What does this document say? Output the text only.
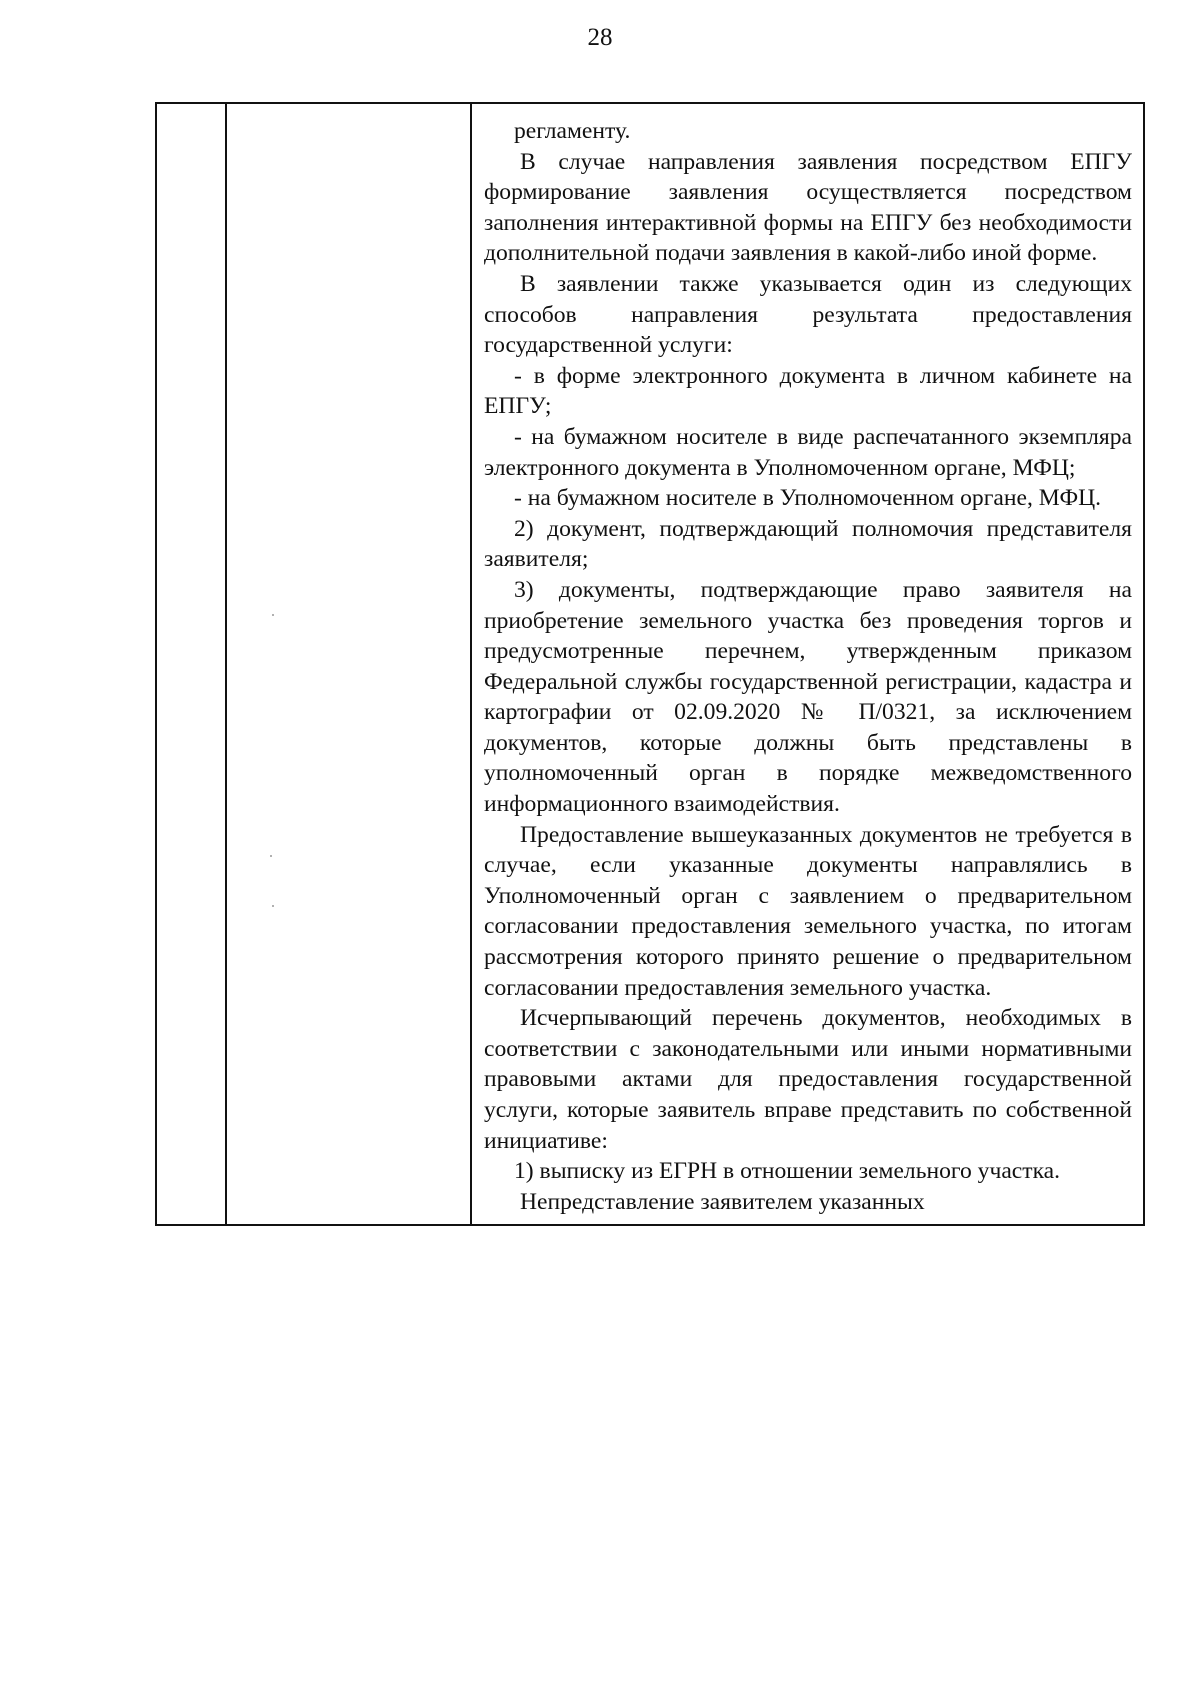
28

регламенту.

В случае направления заявления посредством ЕПГУ формирование заявления осуществляется посредством заполнения интерактивной формы на ЕПГУ без необходимости дополнительной подачи заявления в какой-либо иной форме.

В заявлении также указывается один из следующих способов направления результата предоставления государственной услуги:

- в форме электронного документа в личном кабинете на ЕПГУ;

- на бумажном носителе в виде распечатанного экземпляра электронного документа в Уполномоченном органе, МФЦ;

- на бумажном носителе в Уполномоченном органе, МФЦ.

2) документ, подтверждающий полномочия представителя заявителя;

3) документы, подтверждающие право заявителя на приобретение земельного участка без проведения торгов и предусмотренные перечнем, утвержденным приказом Федеральной службы государственной регистрации, кадастра и картографии от 02.09.2020 № П/0321, за исключением документов, которые должны быть представлены в уполномоченный орган в порядке межведомственного информационного взаимодействия.

Предоставление вышеуказанных документов не требуется в случае, если указанные документы направлялись в Уполномоченный орган с заявлением о предварительном согласовании предоставления земельного участка, по итогам рассмотрения которого принято решение о предварительном согласовании предоставления земельного участка.

Исчерпывающий перечень документов, необходимых в соответствии с законодательными или иными нормативными правовыми актами для предоставления государственной услуги, которые заявитель вправе представить по собственной инициативе:

1) выписку из ЕГРН в отношении земельного участка.

Непредставление заявителем указанных
